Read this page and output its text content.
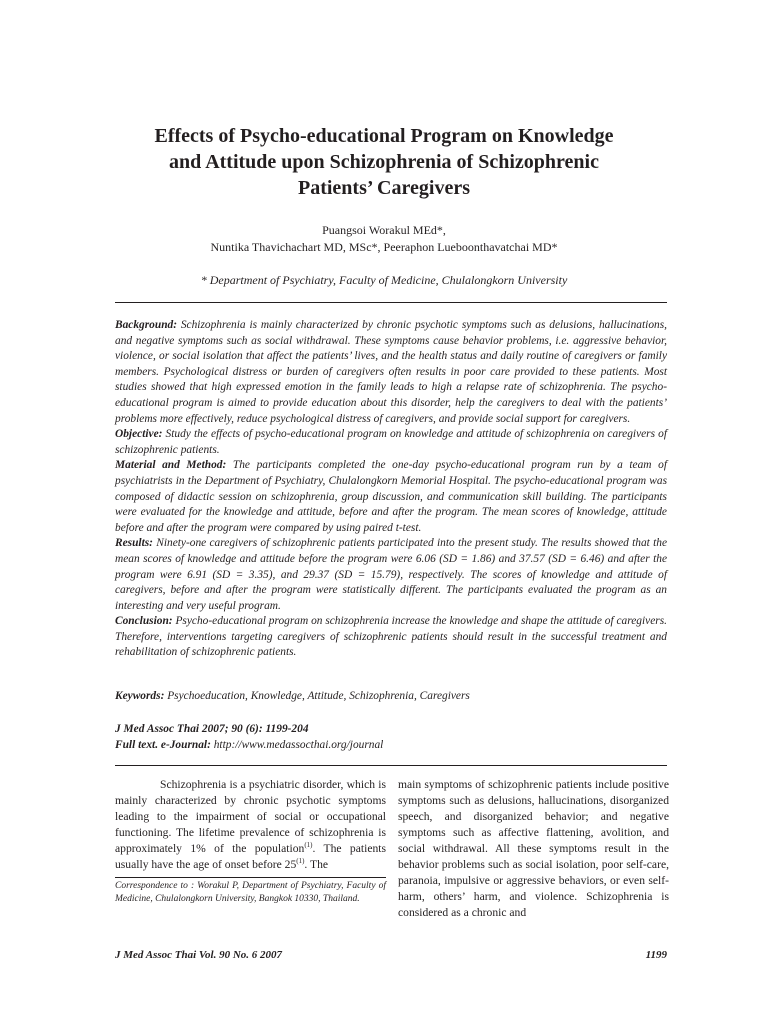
Effects of Psycho-educational Program on Knowledge
and Attitude upon Schizophrenia of Schizophrenic
Patients’ Caregivers
Puangsoi Worakul MEd*,
Nuntika Thavichachart MD, MSc*, Peeraphon Lueboonthavatchai MD*
* Department of Psychiatry, Faculty of Medicine, Chulalongkorn University

Background: Schizophrenia is mainly characterized by chronic psychotic symptoms such as delusions, hallucinations, and negative symptoms such as social withdrawal. These symptoms cause behavior problems, i.e. aggressive behavior, violence, or social isolation that affect the patients’ lives, and the health status and daily routine of caregivers or family members. Psychological distress or burden of caregivers often results in poor care provided to these patients. Most studies showed that high expressed emotion in the family leads to high a relapse rate of schizophrenia. The psycho-educational program is aimed to provide education about this disorder, help the caregivers to deal with the patients’ problems more effectively, reduce psychological distress of caregivers, and provide social support for caregivers.

Objective: Study the effects of psycho-educational program on knowledge and attitude of schizophrenia on caregivers of schizophrenic patients.

Material and Method: The participants completed the one-day psycho-educational program run by a team of psychiatrists in the Department of Psychiatry, Chulalongkorn Memorial Hospital. The psycho-educational program was composed of didactic session on schizophrenia, group discussion, and communication skill building. The participants were evaluated for the knowledge and attitude, before and after the program. The mean scores of knowledge, attitude before and after the program were compared by using paired t-test.

Results: Ninety-one caregivers of schizophrenic patients participated into the present study. The results showed that the mean scores of knowledge and attitude before the program were 6.06 (SD = 1.86) and 37.57 (SD = 6.46) and after the program were 6.91 (SD = 3.35), and 29.37 (SD = 15.79), respectively. The scores of knowledge and attitude of caregivers, before and after the program were statistically different. The participants evaluated the program as an interesting and very useful program.

Conclusion: Psycho-educational program on schizophrenia increase the knowledge and shape the attitude of caregivers. Therefore, interventions targeting caregivers of schizophrenic patients should result in the successful treatment and rehabilitation of schizophrenic patients.

Keywords: Psychoeducation, Knowledge, Attitude, Schizophrenia, Caregivers
J Med Assoc Thai 2007; 90 (6): 1199-204
Full text. e-Journal: http://www.medassocthai.org/journal

Schizophrenia is a psychiatric disorder, which is mainly characterized by chronic psychotic symptoms leading to the impairment of social or occupational functioning. The lifetime prevalence of schizophrenia is approximately 1% of the population$^{(1)}$. The patients usually have the age of onset before 25$^{(1)}$. The

main symptoms of schizophrenic patients include positive symptoms such as delusions, hallucinations, disorganized speech, and disorganized behavior; and negative symptoms such as affective flattening, avolition, and social withdrawal. All these symptoms result in the behavior problems such as social isolation, poor self-care, paranoia, impulsive or aggressive behaviors, or even self-harm, others’ harm, and violence. Schizophrenia is considered as a chronic and

Correspondence to : Worakul P, Department of Psychiatry, Faculty of Medicine, Chulalongkorn University, Bangkok 10330, Thailand.
J Med Assoc Thai Vol. 90 No. 6 2007	1199
